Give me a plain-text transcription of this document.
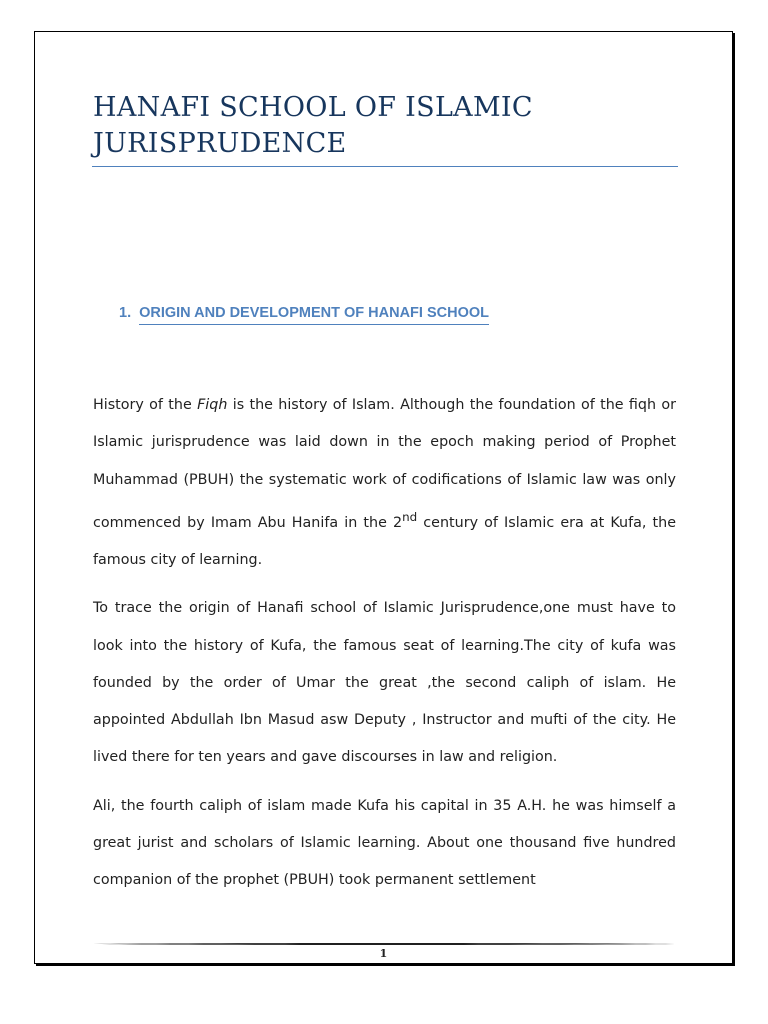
HANAFI SCHOOL OF ISLAMIC JURISPRUDENCE
1. ORIGIN AND DEVELOPMENT OF HANAFI SCHOOL

History of the Fiqh is the history of Islam. Although the foundation of the fiqh or Islamic jurisprudence was laid down in the epoch making period of Prophet Muhammad (PBUH) the systematic work of codifications of Islamic law was only commenced by Imam Abu Hanifa in the 2nd century of Islamic era at Kufa, the famous city of learning.

To trace the origin of Hanafi school of Islamic Jurisprudence,one must have to look into the history of Kufa, the famous seat of learning.The city of kufa was founded by the order of Umar the great ,the second caliph of islam. He appointed Abdullah Ibn Masud asw Deputy , Instructor and mufti of the city. He lived there for ten years and gave discourses in law and religion.

Ali, the fourth caliph of islam made Kufa his capital in 35 A.H. he was himself a great jurist and scholars of Islamic learning. About one thousand five hundred companion of the prophet (PBUH) took permanent settlement

1
